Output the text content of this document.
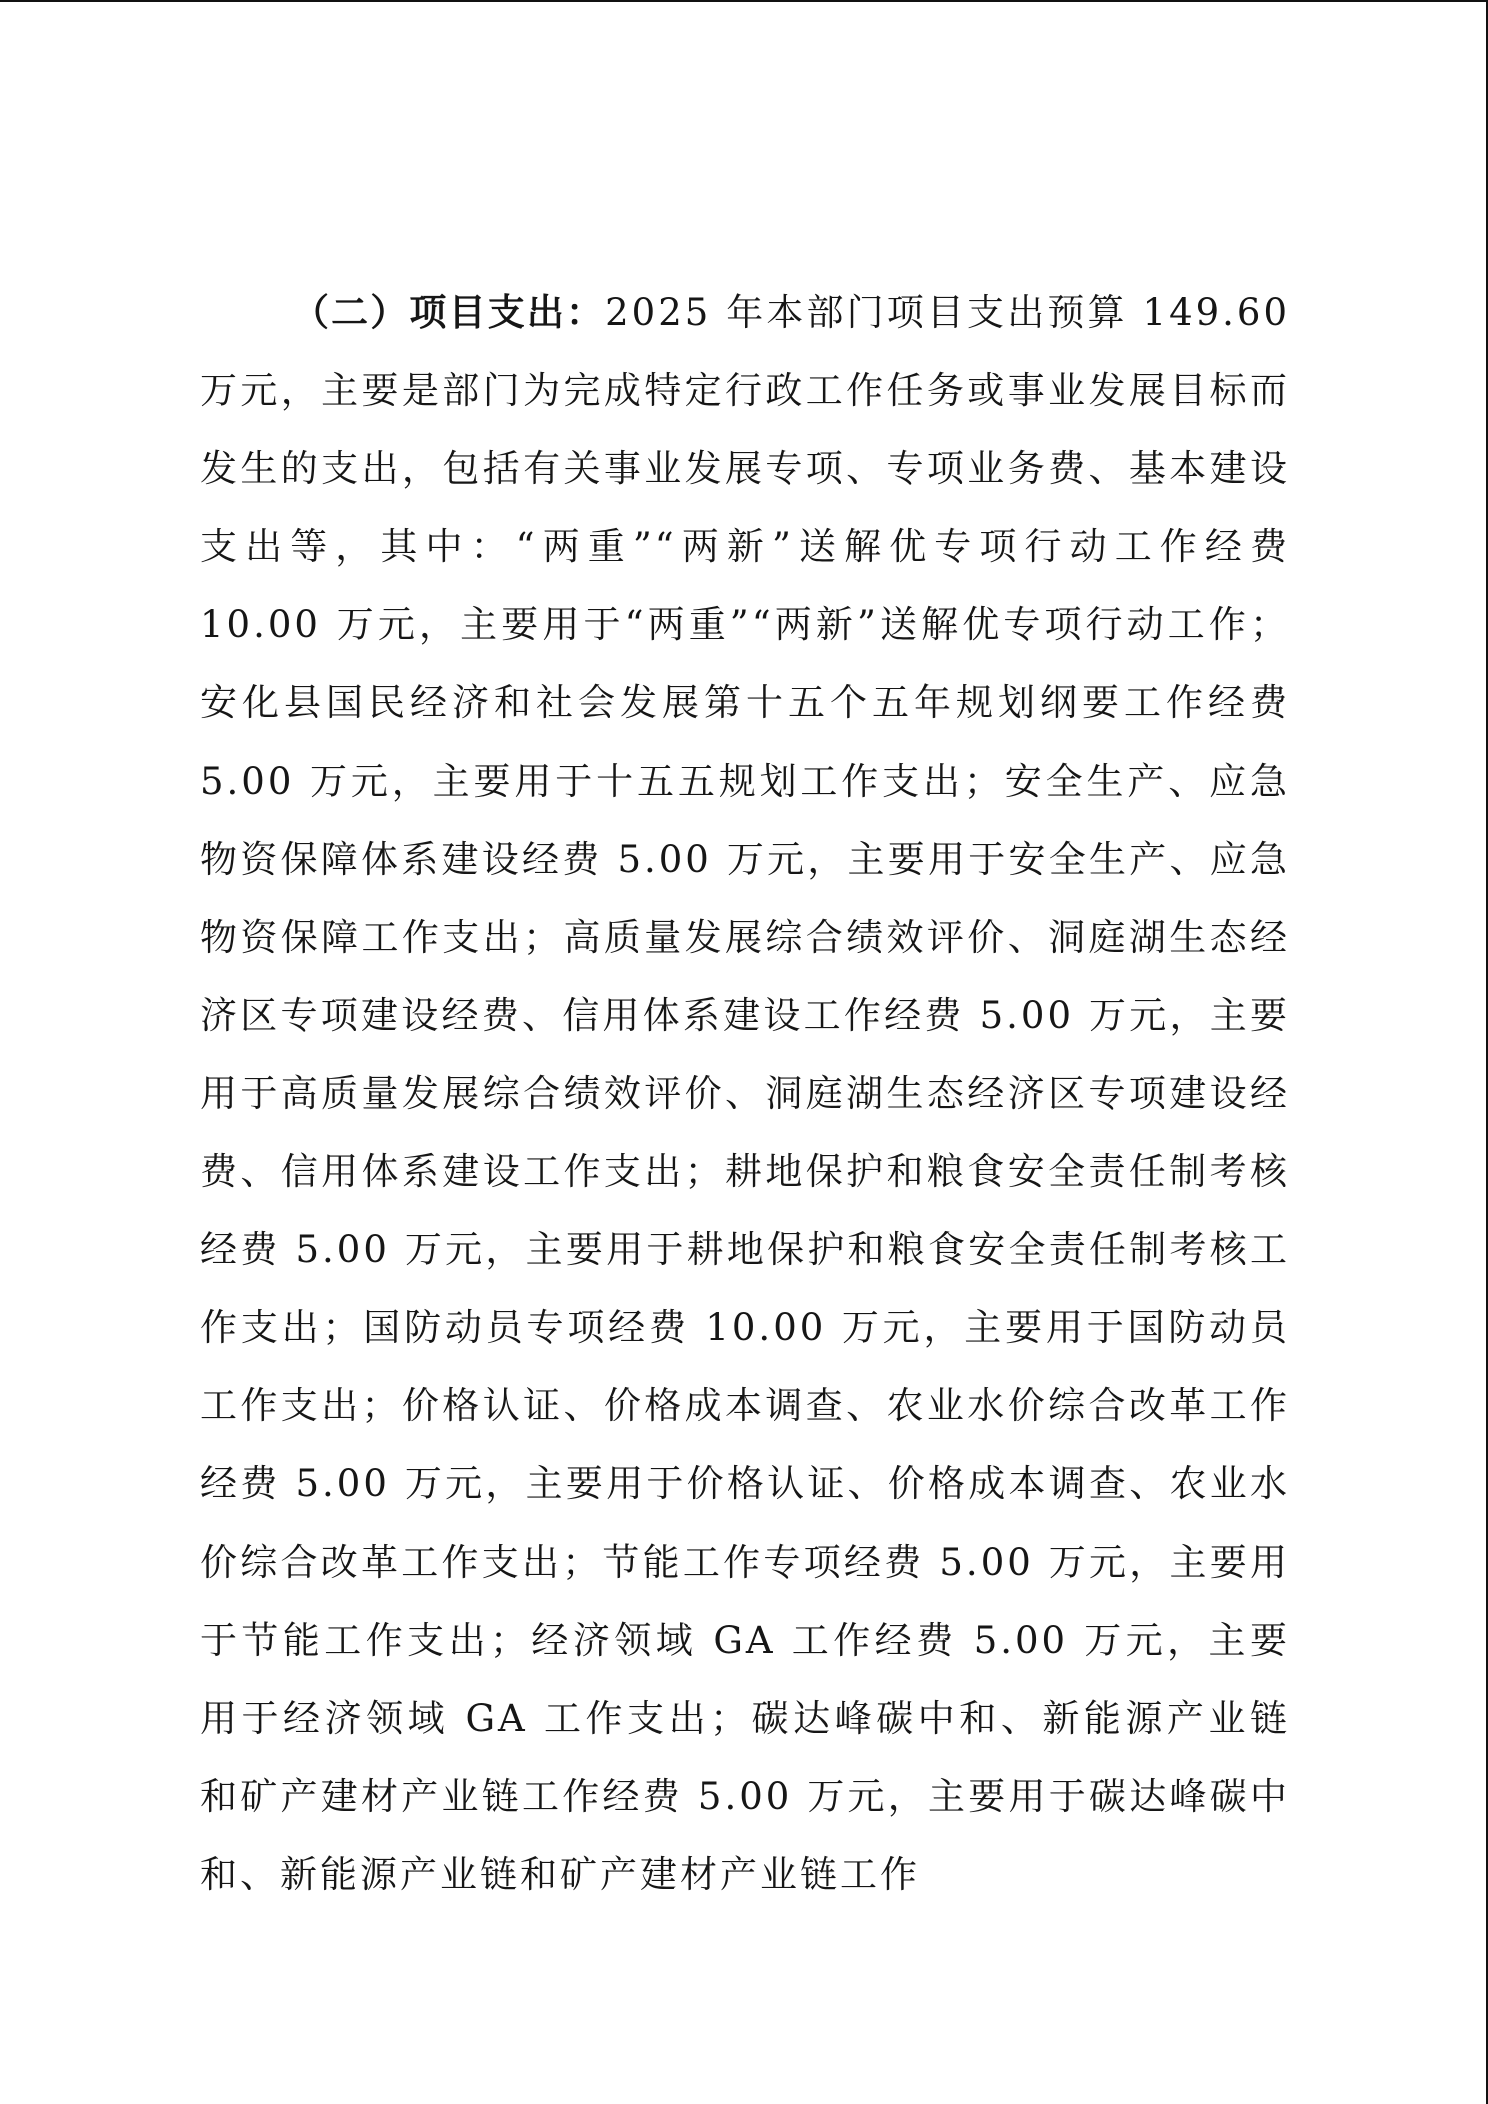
（二）项目支出：2025 年本部门项目支出预算 149.60 万元，主要是部门为完成特定行政工作任务或事业发展目标而发生的支出，包括有关事业发展专项、专项业务费、基本建设支出等，其中：“两重”“两新”送解优专项行动工作经费 10.00 万元，主要用于“两重”“两新”送解优专项行动工作；安化县国民经济和社会发展第十五个五年规划纲要工作经费 5.00 万元，主要用于十五五规划工作支出；安全生产、应急物资保障体系建设经费 5.00 万元，主要用于安全生产、应急物资保障工作支出；高质量发展综合绩效评价、洞庭湖生态经济区专项建设经费、信用体系建设工作经费 5.00 万元，主要用于高质量发展综合绩效评价、洞庭湖生态经济区专项建设经费、信用体系建设工作支出；耕地保护和粮食安全责任制考核经费 5.00 万元，主要用于耕地保护和粮食安全责任制考核工作支出；国防动员专项经费 10.00 万元，主要用于国防动员工作支出；价格认证、价格成本调查、农业水价综合改革工作经费 5.00 万元，主要用于价格认证、价格成本调查、农业水价综合改革工作支出；节能工作专项经费 5.00 万元，主要用于节能工作支出；经济领域 GA 工作经费 5.00 万元，主要用于经济领域 GA 工作支出；碳达峰碳中和、新能源产业链和矿产建材产业链工作经费 5.00 万元，主要用于碳达峰碳中和、新能源产业链和矿产建材产业链工作
